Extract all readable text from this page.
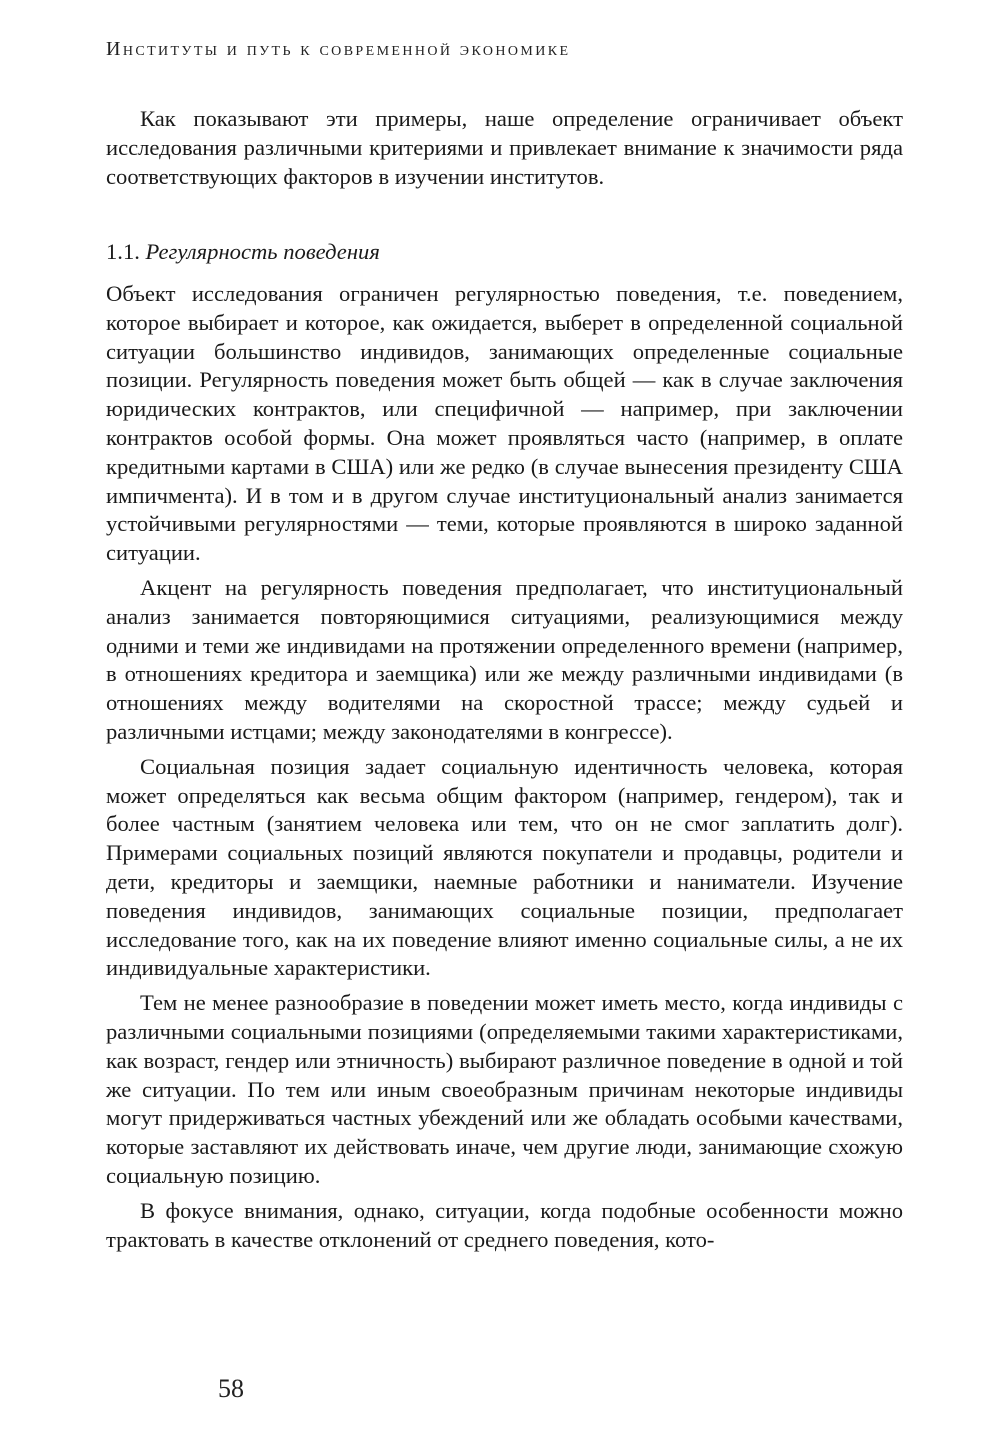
Институты и путь к современной экономике

Как показывают эти примеры, наше определение ограничивает объект исследования различными критериями и привлекает внимание к значимости ряда соответствующих факторов в изучении институтов.

1.1. Регулярность поведения

Объект исследования ограничен регулярностью поведения, т.е. поведением, которое выбирает и которое, как ожидается, выберет в определенной социальной ситуации большинство индивидов, занимающих определенные социальные позиции. Регулярность поведения может быть общей — как в случае заключения юридических контрактов, или специфичной — например, при заключении контрактов особой формы. Она может проявляться часто (например, в оплате кредитными картами в США) или же редко (в случае вынесения президенту США импичмента). И в том и в другом случае институциональный анализ занимается устойчивыми регулярностями — теми, которые проявляются в широко заданной ситуации.

Акцент на регулярность поведения предполагает, что институциональный анализ занимается повторяющимися ситуациями, реализующимися между одними и теми же индивидами на протяжении определенного времени (например, в отношениях кредитора и заемщика) или же между различными индивидами (в отношениях между водителями на скоростной трассе; между судьей и различными истцами; между законодателями в конгрессе).

Социальная позиция задает социальную идентичность человека, которая может определяться как весьма общим фактором (например, гендером), так и более частным (занятием человека или тем, что он не смог заплатить долг). Примерами социальных позиций являются покупатели и продавцы, родители и дети, кредиторы и заемщики, наемные работники и наниматели. Изучение поведения индивидов, занимающих социальные позиции, предполагает исследование того, как на их поведение влияют именно социальные силы, а не их индивидуальные характеристики.

Тем не менее разнообразие в поведении может иметь место, когда индивиды с различными социальными позициями (определяемыми такими характеристиками, как возраст, гендер или этничность) выбирают различное поведение в одной и той же ситуации. По тем или иным своеобразным причинам некоторые индивиды могут придерживаться частных убеждений или же обладать особыми качествами, которые заставляют их действовать иначе, чем другие люди, занимающие схожую социальную позицию.

В фокусе внимания, однако, ситуации, когда подобные особенности можно трактовать в качестве отклонений от среднего поведения, кото-

58
